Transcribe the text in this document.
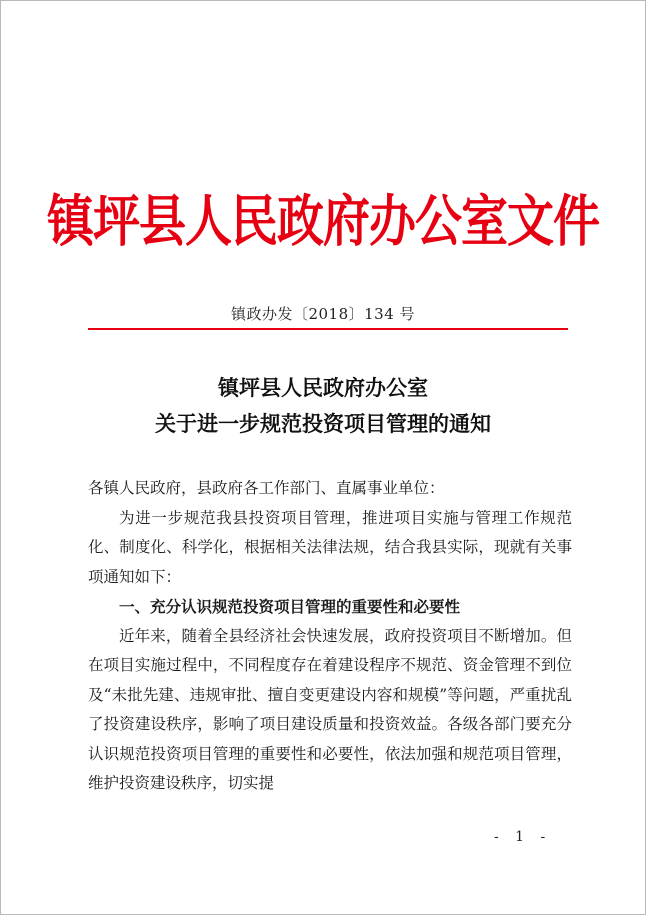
镇坪县人民政府办公室文件
镇政办发〔2018〕134 号
镇坪县人民政府办公室
关于进一步规范投资项目管理的通知

各镇人民政府，县政府各工作部门、直属事业单位：

为进一步规范我县投资项目管理，推进项目实施与管理工作规范化、制度化、科学化，根据相关法律法规，结合我县实际，现就有关事项通知如下：

一、充分认识规范投资项目管理的重要性和必要性

近年来，随着全县经济社会快速发展，政府投资项目不断增加。但在项目实施过程中，不同程度存在着建设程序不规范、资金管理不到位及“未批先建、违规审批、擅自变更建设内容和规模”等问题，严重扰乱了投资建设秩序，影响了项目建设质量和投资效益。各级各部门要充分认识规范投资项目管理的重要性和必要性，依法加强和规范项目管理，维护投资建设秩序，切实提

- 1 -
